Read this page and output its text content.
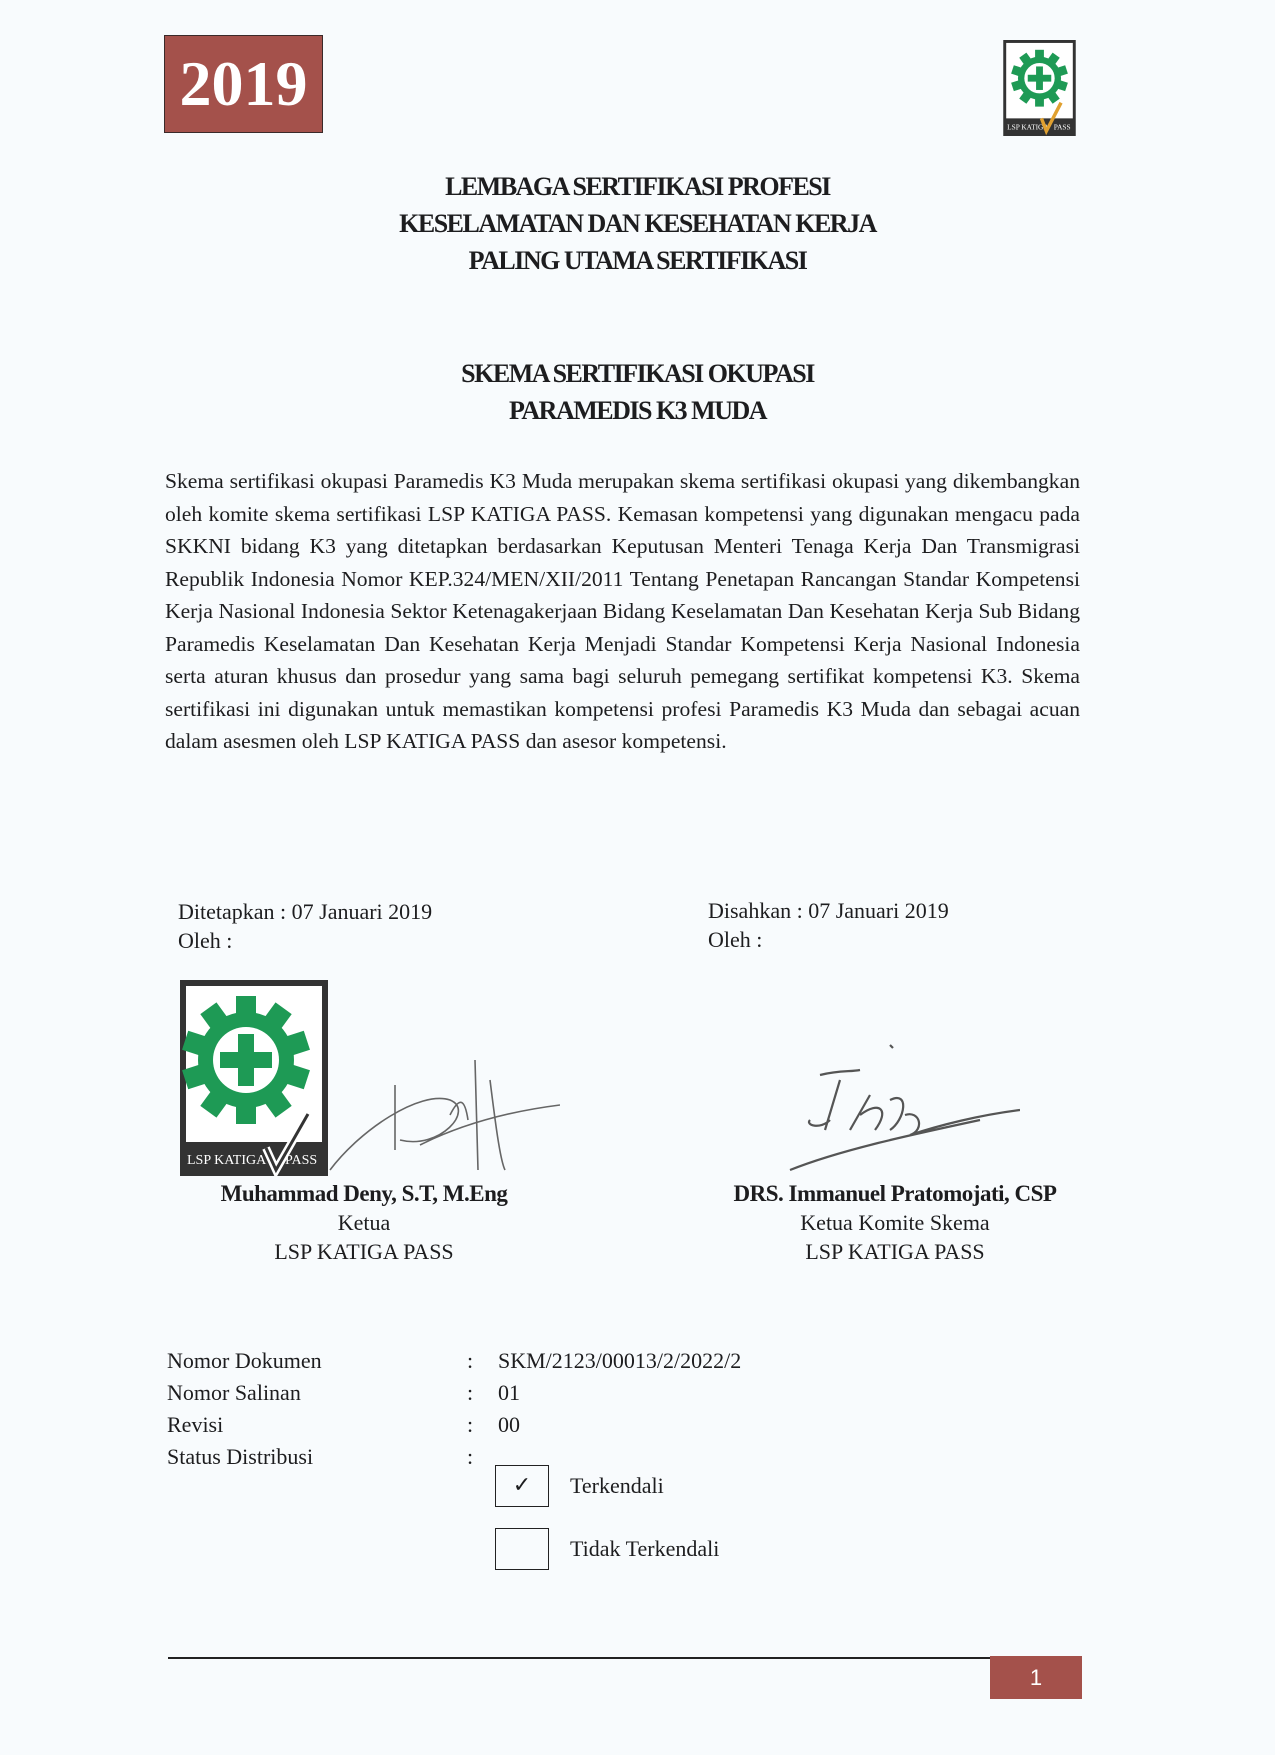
2019
LSP KATIGA PASS
LEMBAGA SERTIFIKASI PROFESI
KESELAMATAN DAN KESEHATAN KERJA
PALING UTAMA SERTIFIKASI
SKEMA SERTIFIKASI OKUPASI
PARAMEDIS K3 MUDA

Skema sertifikasi okupasi Paramedis K3 Muda merupakan skema sertifikasi okupasi yang dikembangkan oleh komite skema sertifikasi LSP KATIGA PASS. Kemasan kompetensi yang digunakan mengacu pada SKKNI bidang K3 yang ditetapkan berdasarkan Keputusan Menteri Tenaga Kerja Dan Transmigrasi Republik Indonesia Nomor KEP.324/MEN/XII/2011 Tentang Penetapan Rancangan Standar Kompetensi Kerja Nasional Indonesia Sektor Ketenagakerjaan Bidang Keselamatan Dan Kesehatan Kerja Sub Bidang Paramedis Keselamatan Dan Kesehatan Kerja Menjadi Standar Kompetensi Kerja Nasional Indonesia serta aturan khusus dan prosedur yang sama bagi seluruh pemegang sertifikat kompetensi K3. Skema sertifikasi ini digunakan untuk memastikan kompetensi profesi Paramedis K3 Muda dan sebagai acuan dalam asesmen oleh LSP KATIGA PASS dan asesor kompetensi.

Ditetapkan : 07 Januari 2019
Oleh :
Disahkan : 07 Januari 2019
Oleh :
LSP KATIGA PASS
Muhammad Deny, S.T, M.Eng
Ketua
LSP KATIGA PASS
DRS. Immanuel Pratomojati, CSP
Ketua Komite Skema
LSP KATIGA PASS
Nomor Dokumen	: SKM/2123/00013/2/2022/2
Nomor Salinan	: 01
Revisi	: 00
Status Distribusi	:
✓	Terkendali
Tidak Terkendali
1
